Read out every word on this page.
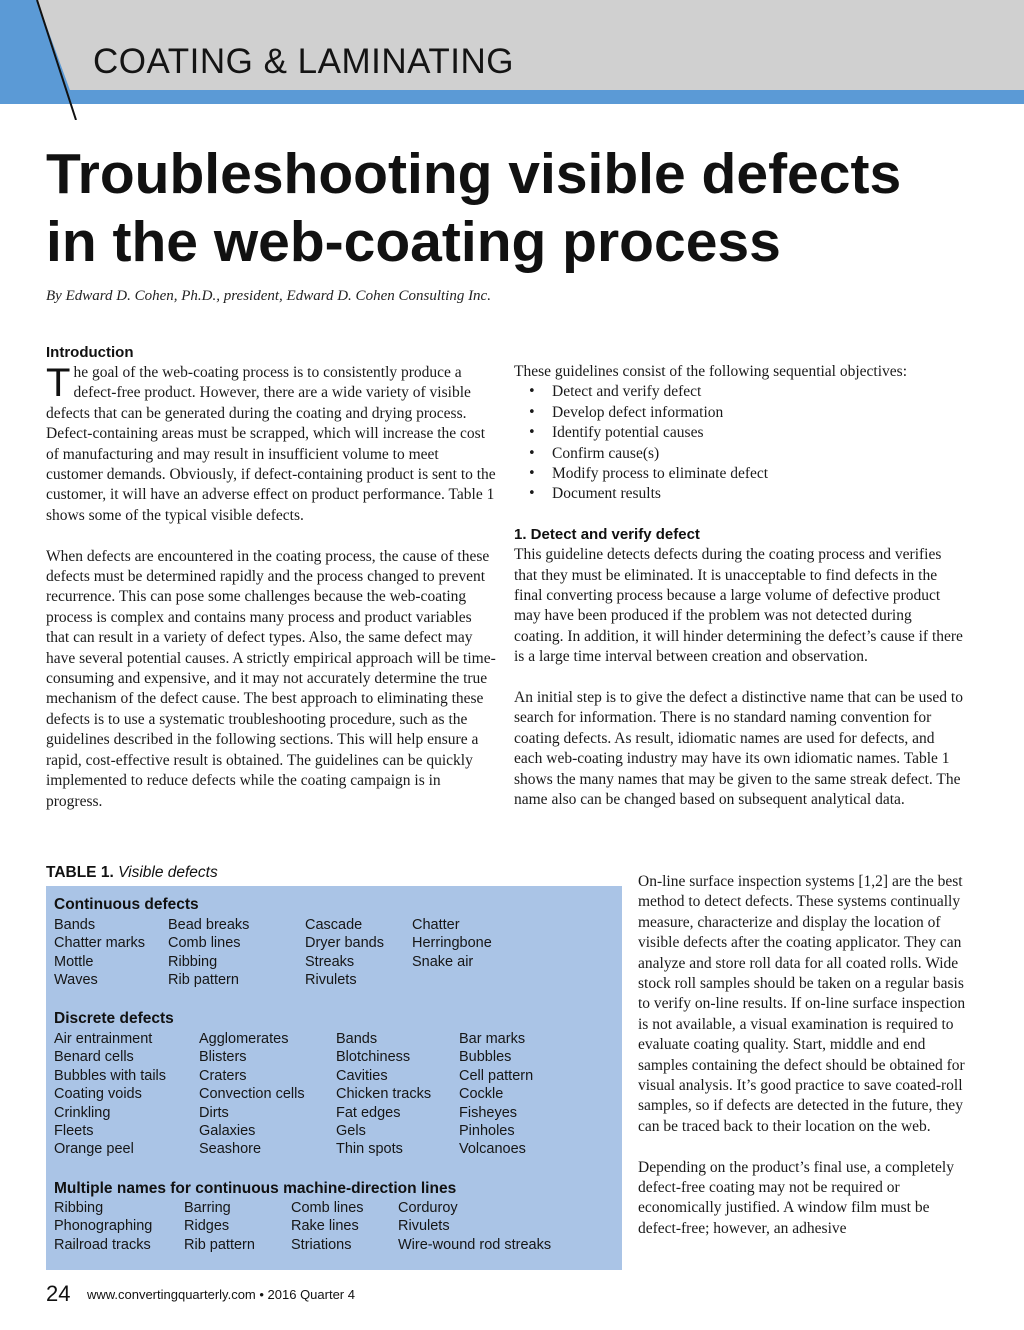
COATING & LAMINATING
Troubleshooting visible defects
in the web-coating process
By Edward D. Cohen, Ph.D., president, Edward D. Cohen Consulting Inc.
Introduction

The goal of the web-coating process is to consistently produce a defect-free product. However, there are a wide variety of visible defects that can be generated during the coating and drying process. Defect-containing areas must be scrapped, which will increase the cost of manufacturing and may result in insufficient volume to meet customer demands. Obviously, if defect-containing product is sent to the customer, it will have an adverse effect on product performance. Table 1 shows some of the typical visible defects.

When defects are encountered in the coating process, the cause of these defects must be determined rapidly and the process changed to prevent recurrence. This can pose some challenges because the web-coating process is complex and contains many process and product variables that can result in a variety of defect types. Also, the same defect may have several potential causes. A strictly empirical approach will be time-consuming and expensive, and it may not accurately determine the true mechanism of the defect cause. The best approach to eliminating these defects is to use a systematic troubleshooting procedure, such as the guidelines described in the following sections. This will help ensure a rapid, cost-effective result is obtained. The guidelines can be quickly implemented to reduce defects while the coating campaign is in progress.

These guidelines consist of the following sequential objectives:

• Detect and verify defect
• Develop defect information
• Identify potential causes
• Confirm cause(s)
• Modify process to eliminate defect
• Document results
1. Detect and verify defect

This guideline detects defects during the coating process and verifies that they must be eliminated. It is unacceptable to find defects in the final converting process because a large volume of defective product may have been produced if the problem was not detected during coating. In addition, it will hinder determining the defect’s cause if there is a large time interval between creation and observation.

An initial step is to give the defect a distinctive name that can be used to search for information. There is no standard naming convention for coating defects. As result, idiomatic names are used for defects, and each web-coating industry may have its own idiomatic names. Table 1 shows the many names that may be given to the same streak defect. The name also can be changed based on subsequent analytical data.

On-line surface inspection systems [1,2] are the best method to detect defects. These systems continually measure, characterize and display the location of visible defects after the coating applicator. They can analyze and store roll data for all coated rolls. Wide stock roll samples should be taken on a regular basis to verify on-line results. If on-line surface inspection is not available, a visual examination is required to evaluate coating quality. Start, middle and end samples containing the defect should be obtained for visual analysis. It’s good practice to save coated-roll samples, so if defects are detected in the future, they can be traced back to their location on the web.

Depending on the product’s final use, a completely defect-free coating may not be required or economically justified. A window film must be defect-free; however, an adhesive

TABLE 1. Visible defects
Continuous defects
Bands	Bead breaks	Cascade	Chatter
Chatter marks	Comb lines	Dryer bands	Herringbone
Mottle	Ribbing	Streaks	Snake air
Waves	Rib pattern	Rivulets
Discrete defects
Air entrainment	Agglomerates	Bands	Bar marks
Benard cells	Blisters	Blotchiness	Bubbles
Bubbles with tails	Craters	Cavities	Cell pattern
Coating voids	Convection cells	Chicken tracks	Cockle
Crinkling	Dirts	Fat edges	Fisheyes
Fleets	Galaxies	Gels	Pinholes
Orange peel	Seashore	Thin spots	Volcanoes
Multiple names for continuous machine-direction lines
Ribbing	Barring	Comb lines	Corduroy
Phonographing	Ridges	Rake lines	Rivulets
Railroad tracks	Rib pattern	Striations	Wire-wound rod streaks
24 www.convertingquarterly.com • 2016 Quarter 4
